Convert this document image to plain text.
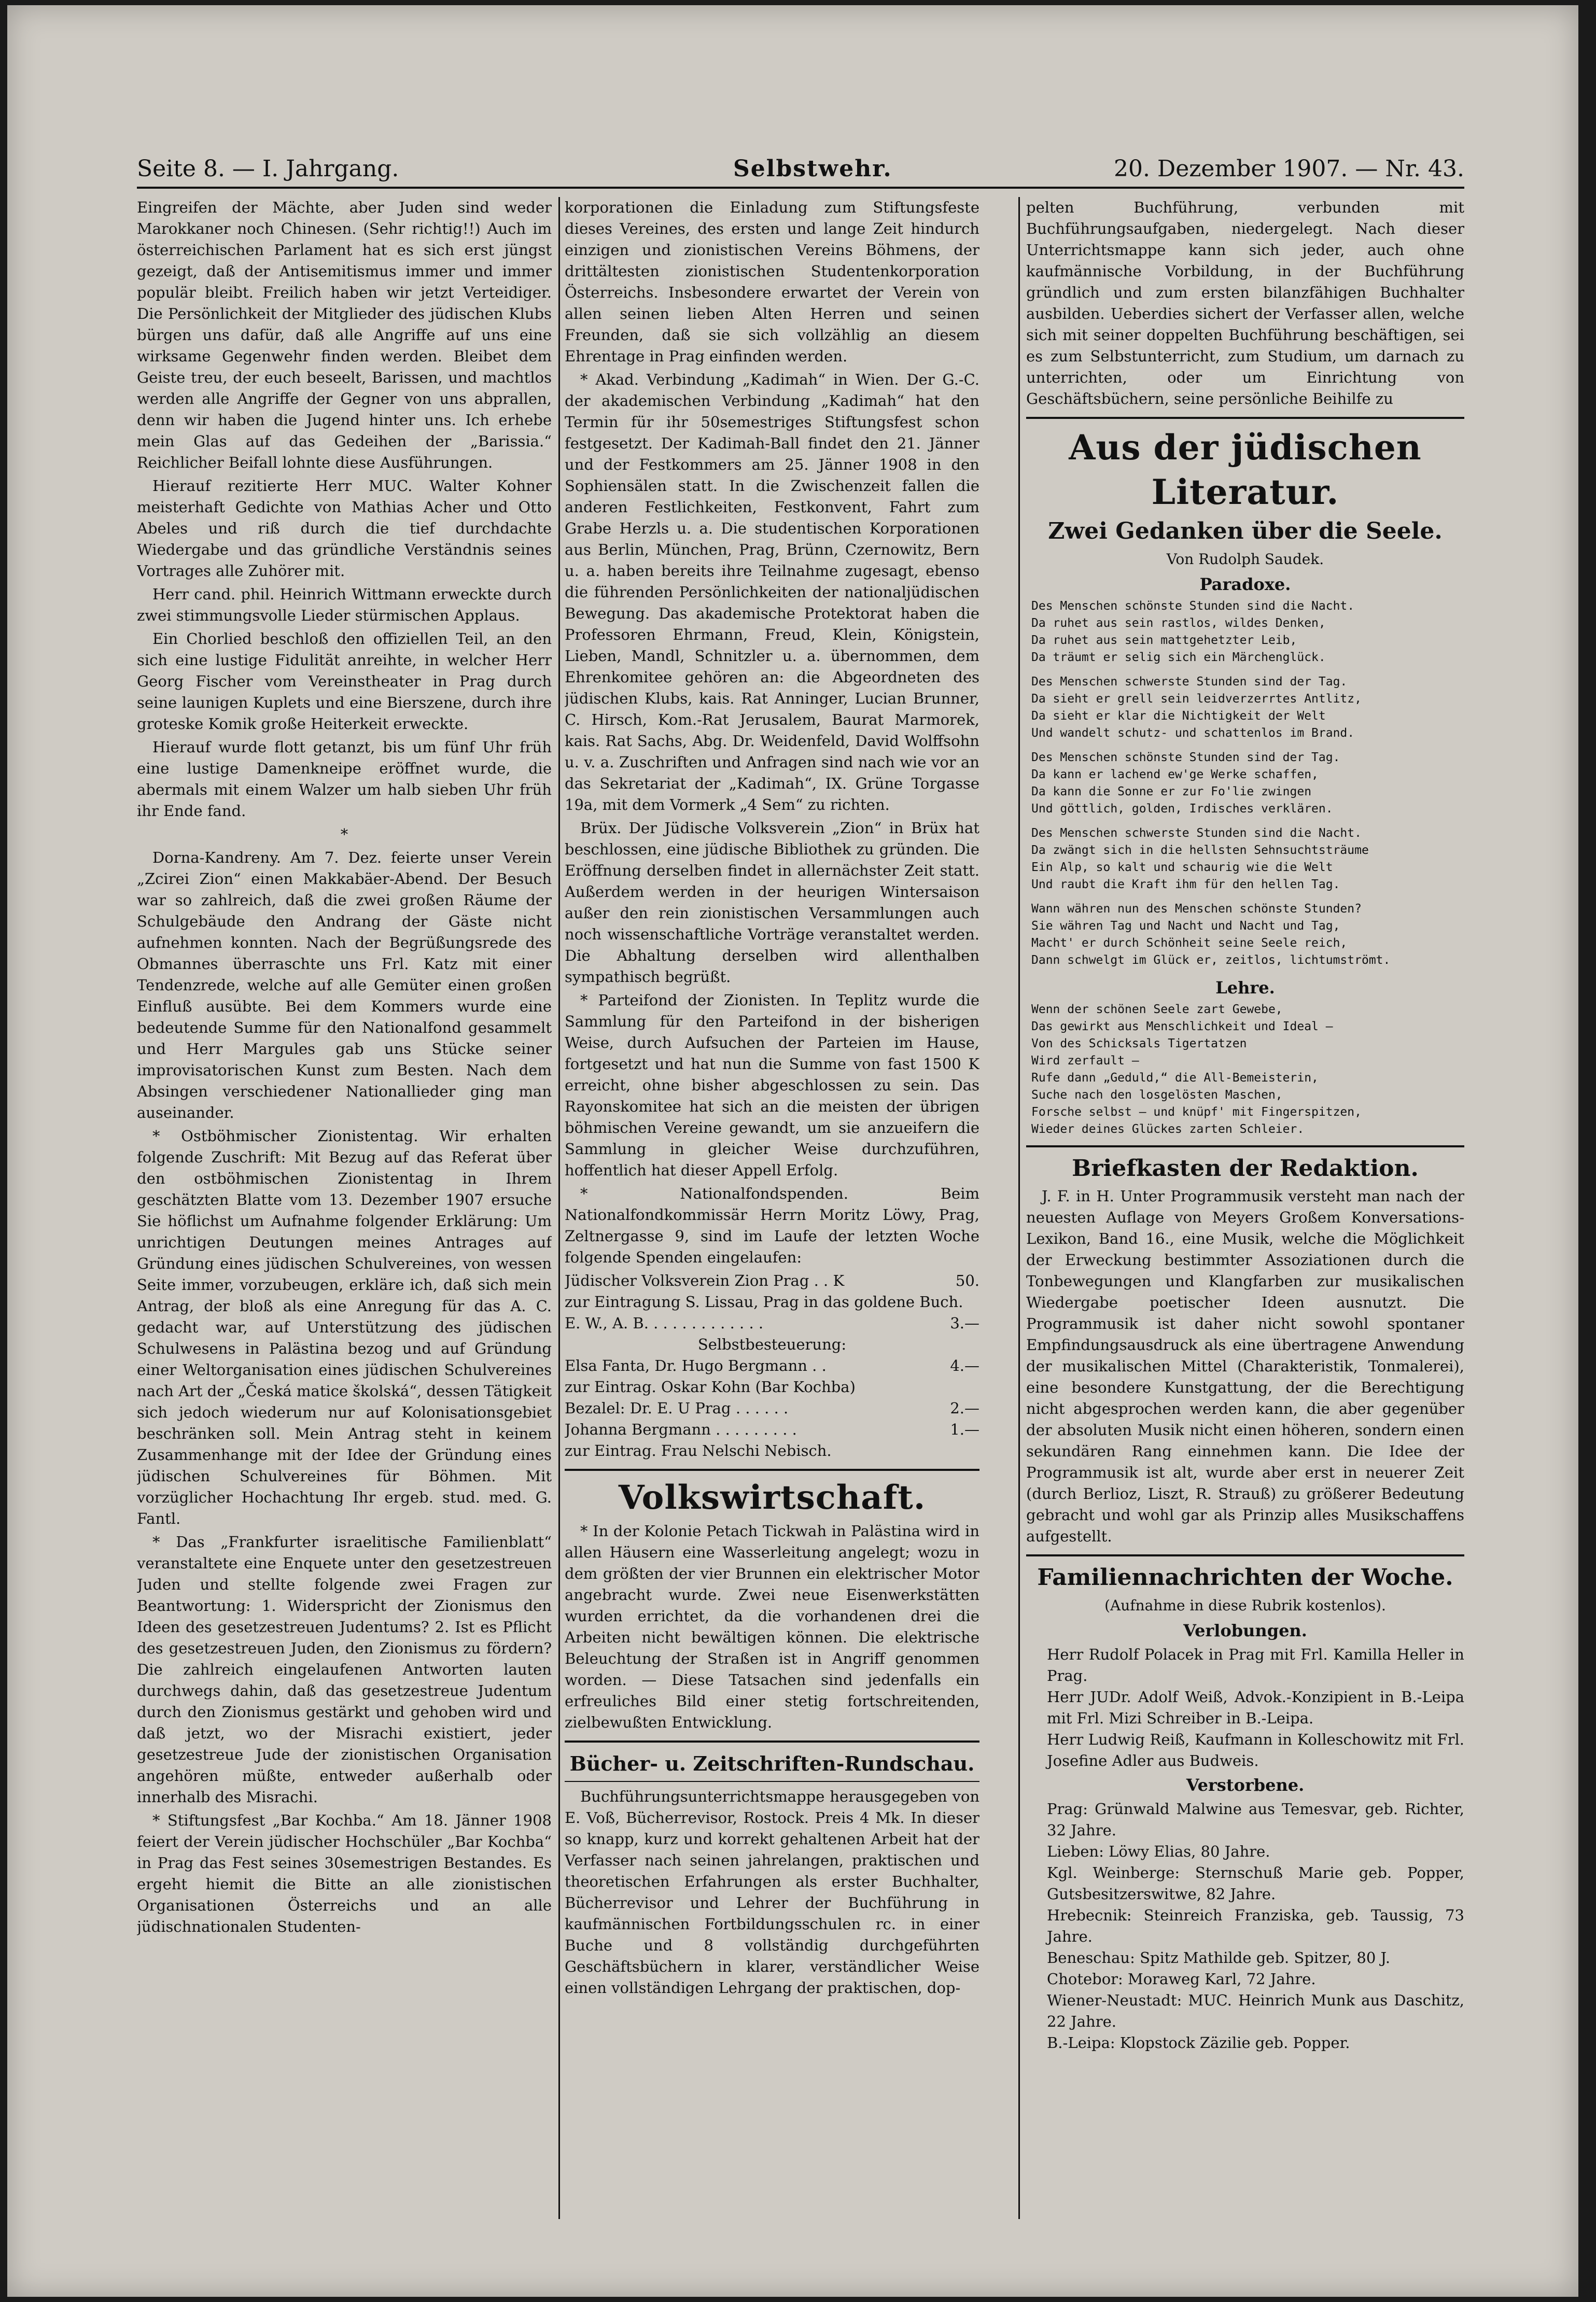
Seite 8. — I. Jahrgang.	Selbstwehr.	20. Dezember 1907. — Nr. 43.

Eingreifen der Mächte, aber Juden sind weder Marokkaner noch Chinesen. (Sehr richtig!!) Auch im österreichischen Parlament hat es sich erst jüngst gezeigt, daß der Antisemitismus immer und immer populär bleibt. Freilich haben wir jetzt Verteidiger. Die Persönlichkeit der Mitglieder des jüdischen Klubs bürgen uns dafür, daß alle Angriffe auf uns eine wirksame Gegenwehr finden werden. Bleibet dem Geiste treu, der euch beseelt, Barissen, und machtlos werden alle Angriffe der Gegner von uns abprallen, denn wir haben die Jugend hinter uns. Ich erhebe mein Glas auf das Gedeihen der „Barissia.“ Reichlicher Beifall lohnte diese Ausführungen.

Hierauf rezitierte Herr MUC. Walter Kohner meisterhaft Gedichte von Mathias Acher und Otto Abeles und riß durch die tief durchdachte Wiedergabe und das gründliche Verständnis seines Vortrages alle Zuhörer mit.

Herr cand. phil. Heinrich Wittmann erweckte durch zwei stimmungsvolle Lieder stürmischen Applaus.

Ein Chorlied beschloß den offiziellen Teil, an den sich eine lustige Fidulität anreihte, in welcher Herr Georg Fischer vom Vereinstheater in Prag durch seine launigen Kuplets und eine Bierszene, durch ihre groteske Komik große Heiterkeit erweckte.

Hierauf wurde flott getanzt, bis um fünf Uhr früh eine lustige Damenkneipe eröffnet wurde, die abermals mit einem Walzer um halb sieben Uhr früh ihr Ende fand.

*

Dorna-Kandreny. Am 7. Dez. feierte unser Verein „Zcirei Zion“ einen Makkabäer-Abend. Der Besuch war so zahlreich, daß die zwei großen Räume der Schulgebäude den Andrang der Gäste nicht aufnehmen konnten. Nach der Begrüßungsrede des Obmannes überraschte uns Frl. Katz mit einer Tendenzrede, welche auf alle Gemüter einen großen Einfluß ausübte. Bei dem Kommers wurde eine bedeutende Summe für den Nationalfond gesammelt und Herr Margules gab uns Stücke seiner improvisatorischen Kunst zum Besten. Nach dem Absingen verschiedener Nationallieder ging man auseinander.

* Ostböhmischer Zionistentag. Wir erhalten folgende Zuschrift: Mit Bezug auf das Referat über den ostböhmischen Zionistentag in Ihrem geschätzten Blatte vom 13. Dezember 1907 ersuche Sie höflichst um Aufnahme folgender Erklärung: Um unrichtigen Deutungen meines Antrages auf Gründung eines jüdischen Schulvereines, von wessen Seite immer, vorzubeugen, erkläre ich, daß sich mein Antrag, der bloß als eine Anregung für das A. C. gedacht war, auf Unterstützung des jüdischen Schulwesens in Palästina bezog und auf Gründung einer Weltorganisation eines jüdischen Schulvereines nach Art der „Česká matice školská“, dessen Tätigkeit sich jedoch wiederum nur auf Kolonisationsgebiet beschränken soll. Mein Antrag steht in keinem Zusammenhange mit der Idee der Gründung eines jüdischen Schulvereines für Böhmen. Mit vorzüglicher Hochachtung Ihr ergeb. stud. med. G. Fantl.

* Das „Frankfurter israelitische Familienblatt“ veranstaltete eine Enquete unter den gesetzestreuen Juden und stellte folgende zwei Fragen zur Beantwortung: 1. Widerspricht der Zionismus den Ideen des gesetzestreuen Judentums? 2. Ist es Pflicht des gesetzestreuen Juden, den Zionismus zu fördern? Die zahlreich eingelaufenen Antworten lauten durchwegs dahin, daß das gesetzestreue Judentum durch den Zionismus gestärkt und gehoben wird und daß jetzt, wo der Misrachi existiert, jeder gesetzestreue Jude der zionistischen Organisation angehören müßte, entweder außerhalb oder innerhalb des Misrachi.

* Stiftungsfest „Bar Kochba.“ Am 18. Jänner 1908 feiert der Verein jüdischer Hochschüler „Bar Kochba“ in Prag das Fest seines 30semestrigen Bestandes. Es ergeht hiemit die Bitte an alle zionistischen Organisationen Österreichs und an alle jüdischnationalen Studenten-

korporationen die Einladung zum Stiftungsfeste dieses Vereines, des ersten und lange Zeit hindurch einzigen und zionistischen Vereins Böhmens, der drittältesten zionistischen Studentenkorporation Österreichs. Insbesondere erwartet der Verein von allen seinen lieben Alten Herren und seinen Freunden, daß sie sich vollzählig an diesem Ehrentage in Prag einfinden werden.

* Akad. Verbindung „Kadimah“ in Wien. Der G.-C. der akademischen Verbindung „Kadimah“ hat den Termin für ihr 50semestriges Stiftungsfest schon festgesetzt. Der Kadimah-Ball findet den 21. Jänner und der Festkommers am 25. Jänner 1908 in den Sophiensälen statt. In die Zwischenzeit fallen die anderen Festlichkeiten, Festkonvent, Fahrt zum Grabe Herzls u. a. Die studentischen Korporationen aus Berlin, München, Prag, Brünn, Czernowitz, Bern u. a. haben bereits ihre Teilnahme zugesagt, ebenso die führenden Persönlichkeiten der nationaljüdischen Bewegung. Das akademische Protektorat haben die Professoren Ehrmann, Freud, Klein, Königstein, Lieben, Mandl, Schnitzler u. a. übernommen, dem Ehrenkomitee gehören an: die Abgeordneten des jüdischen Klubs, kais. Rat Anninger, Lucian Brunner, C. Hirsch, Kom.-Rat Jerusalem, Baurat Marmorek, kais. Rat Sachs, Abg. Dr. Weidenfeld, David Wolffsohn u. v. a. Zuschriften und Anfragen sind nach wie vor an das Sekretariat der „Kadimah“, IX. Grüne Torgasse 19a, mit dem Vormerk „4 Sem“ zu richten.

Brüx. Der Jüdische Volksverein „Zion“ in Brüx hat beschlossen, eine jüdische Bibliothek zu gründen. Die Eröffnung derselben findet in allernächster Zeit statt. Außerdem werden in der heurigen Wintersaison außer den rein zionistischen Versammlungen auch noch wissenschaftliche Vorträge veranstaltet werden. Die Abhaltung derselben wird allenthalben sympathisch begrüßt.

* Parteifond der Zionisten. In Teplitz wurde die Sammlung für den Parteifond in der bisherigen Weise, durch Aufsuchen der Parteien im Hause, fortgesetzt und hat nun die Summe von fast 1500 K erreicht, ohne bisher abgeschlossen zu sein. Das Rayonskomitee hat sich an die meisten der übrigen böhmischen Vereine gewandt, um sie anzueifern die Sammlung in gleicher Weise durchzuführen, hoffentlich hat dieser Appell Erfolg.

* Nationalfondspenden. Beim Nationalfondkommissär Herrn Moritz Löwy, Prag, Zeltnergasse 9, sind im Laufe der letzten Woche folgende Spenden eingelaufen:

Jüdischer Volksverein Zion Prag . . K	50.

zur Eintragung S. Lissau, Prag in das goldene Buch.

E. W., A. B. . . . . . . . . . . . .	3.—

Selbstbesteuerung:

Elsa Fanta, Dr. Hugo Bergmann . .	4.—

zur Eintrag. Oskar Kohn (Bar Kochba)

Bezalel: Dr. E. U Prag . . . . . .	2.—

Johanna Bergmann . . . . . . . . .	1.—

zur Eintrag. Frau Nelschi Nebisch.

Volkswirtschaft.

* In der Kolonie Petach Tickwah in Palästina wird in allen Häusern eine Wasserleitung angelegt; wozu in dem größten der vier Brunnen ein elektrischer Motor angebracht wurde. Zwei neue Eisenwerkstätten wurden errichtet, da die vorhandenen drei die Arbeiten nicht bewältigen können. Die elektrische Beleuchtung der Straßen ist in Angriff genommen worden. — Diese Tatsachen sind jedenfalls ein erfreuliches Bild einer stetig fortschreitenden, zielbewußten Entwicklung.

Bücher- u. Zeitschriften-Rundschau.

Buchführungsunterrichtsmappe herausgegeben von E. Voß, Bücherrevisor, Rostock. Preis 4 Mk. In dieser so knapp, kurz und korrekt gehaltenen Arbeit hat der Verfasser nach seinen jahrelangen, praktischen und theoretischen Erfahrungen als erster Buchhalter, Bücherrevisor und Lehrer der Buchführung in kaufmännischen Fortbildungsschulen rc. in einer Buche und 8 vollständig durchgeführten Geschäftsbüchern in klarer, verständlicher Weise einen vollständigen Lehrgang der praktischen, dop-

pelten Buchführung, verbunden mit Buchführungsaufgaben, niedergelegt. Nach dieser Unterrichtsmappe kann sich jeder, auch ohne kaufmännische Vorbildung, in der Buchführung gründlich und zum ersten bilanzfähigen Buchhalter ausbilden. Ueberdies sichert der Verfasser allen, welche sich mit seiner doppelten Buchführung beschäftigen, sei es zum Selbstunterricht, zum Studium, um darnach zu unterrichten, oder um Einrichtung von Geschäftsbüchern, seine persönliche Beihilfe zu

Aus der jüdischen Literatur.
Zwei Gedanken über die Seele.
Von Rudolph Saudek.
Paradoxe.
Des Menschen schönste Stunden sind die Nacht.
Da ruhet aus sein rastlos, wildes Denken,
Da ruhet aus sein mattgehetzter Leib,
Da träumt er selig sich ein Märchenglück.
Des Menschen schwerste Stunden sind der Tag.
Da sieht er grell sein leidverzerrtes Antlitz,
Da sieht er klar die Nichtigkeit der Welt
Und wandelt schutz- und schattenlos im Brand.
Des Menschen schönste Stunden sind der Tag.
Da kann er lachend ew'ge Werke schaffen,
Da kann die Sonne er zur Fo'lie zwingen
Und göttlich, golden, Irdisches verklären.
Des Menschen schwerste Stunden sind die Nacht.
Da zwängt sich in die hellsten Sehnsuchtsträume
Ein Alp, so kalt und schaurig wie die Welt
Und raubt die Kraft ihm für den hellen Tag.
Wann währen nun des Menschen schönste Stunden?
Sie währen Tag und Nacht und Nacht und Tag,
Macht' er durch Schönheit seine Seele reich,
Dann schwelgt im Glück er, zeitlos, lichtumströmt.
Lehre.
Wenn der schönen Seele zart Gewebe,
Das gewirkt aus Menschlichkeit und Ideal —
Von des Schicksals Tigertatzen
Wird zerfault —
Rufe dann „Geduld,“ die All-Bemeisterin,
Suche nach den losgelösten Maschen,
Forsche selbst — und knüpf' mit Fingerspitzen,
Wieder deines Glückes zarten Schleier.
Briefkasten der Redaktion.

J. F. in H. Unter Programmusik versteht man nach der neuesten Auflage von Meyers Großem Konversations-Lexikon, Band 16., eine Musik, welche die Möglichkeit der Erweckung bestimmter Assoziationen durch die Tonbewegungen und Klangfarben zur musikalischen Wiedergabe poetischer Ideen ausnutzt. Die Programmusik ist daher nicht sowohl spontaner Empfindungsausdruck als eine übertragene Anwendung der musikalischen Mittel (Charakteristik, Tonmalerei), eine besondere Kunstgattung, der die Berechtigung nicht abgesprochen werden kann, die aber gegenüber der absoluten Musik nicht einen höheren, sondern einen sekundären Rang einnehmen kann. Die Idee der Programmusik ist alt, wurde aber erst in neuerer Zeit (durch Berlioz, Liszt, R. Strauß) zu größerer Bedeutung gebracht und wohl gar als Prinzip alles Musikschaffens aufgestellt.

Familiennachrichten der Woche.
(Aufnahme in diese Rubrik kostenlos).
Verlobungen.

Herr Rudolf Polacek in Prag mit Frl. Kamilla Heller in Prag.

Herr JUDr. Adolf Weiß, Advok.-Konzipient in B.-Leipa mit Frl. Mizi Schreiber in B.-Leipa.

Herr Ludwig Reiß, Kaufmann in Kolleschowitz mit Frl. Josefine Adler aus Budweis.

Verstorbene.

Prag: Grünwald Malwine aus Temesvar, geb. Richter, 32 Jahre.

Lieben: Löwy Elias, 80 Jahre.

Kgl. Weinberge: Sternschuß Marie geb. Popper, Gutsbesitzerswitwe, 82 Jahre.

Hrebecnik: Steinreich Franziska, geb. Taussig, 73 Jahre.

Beneschau: Spitz Mathilde geb. Spitzer, 80 J.

Chotebor: Moraweg Karl, 72 Jahre.

Wiener-Neustadt: MUC. Heinrich Munk aus Daschitz, 22 Jahre.

B.-Leipa: Klopstock Zäzilie geb. Popper.
